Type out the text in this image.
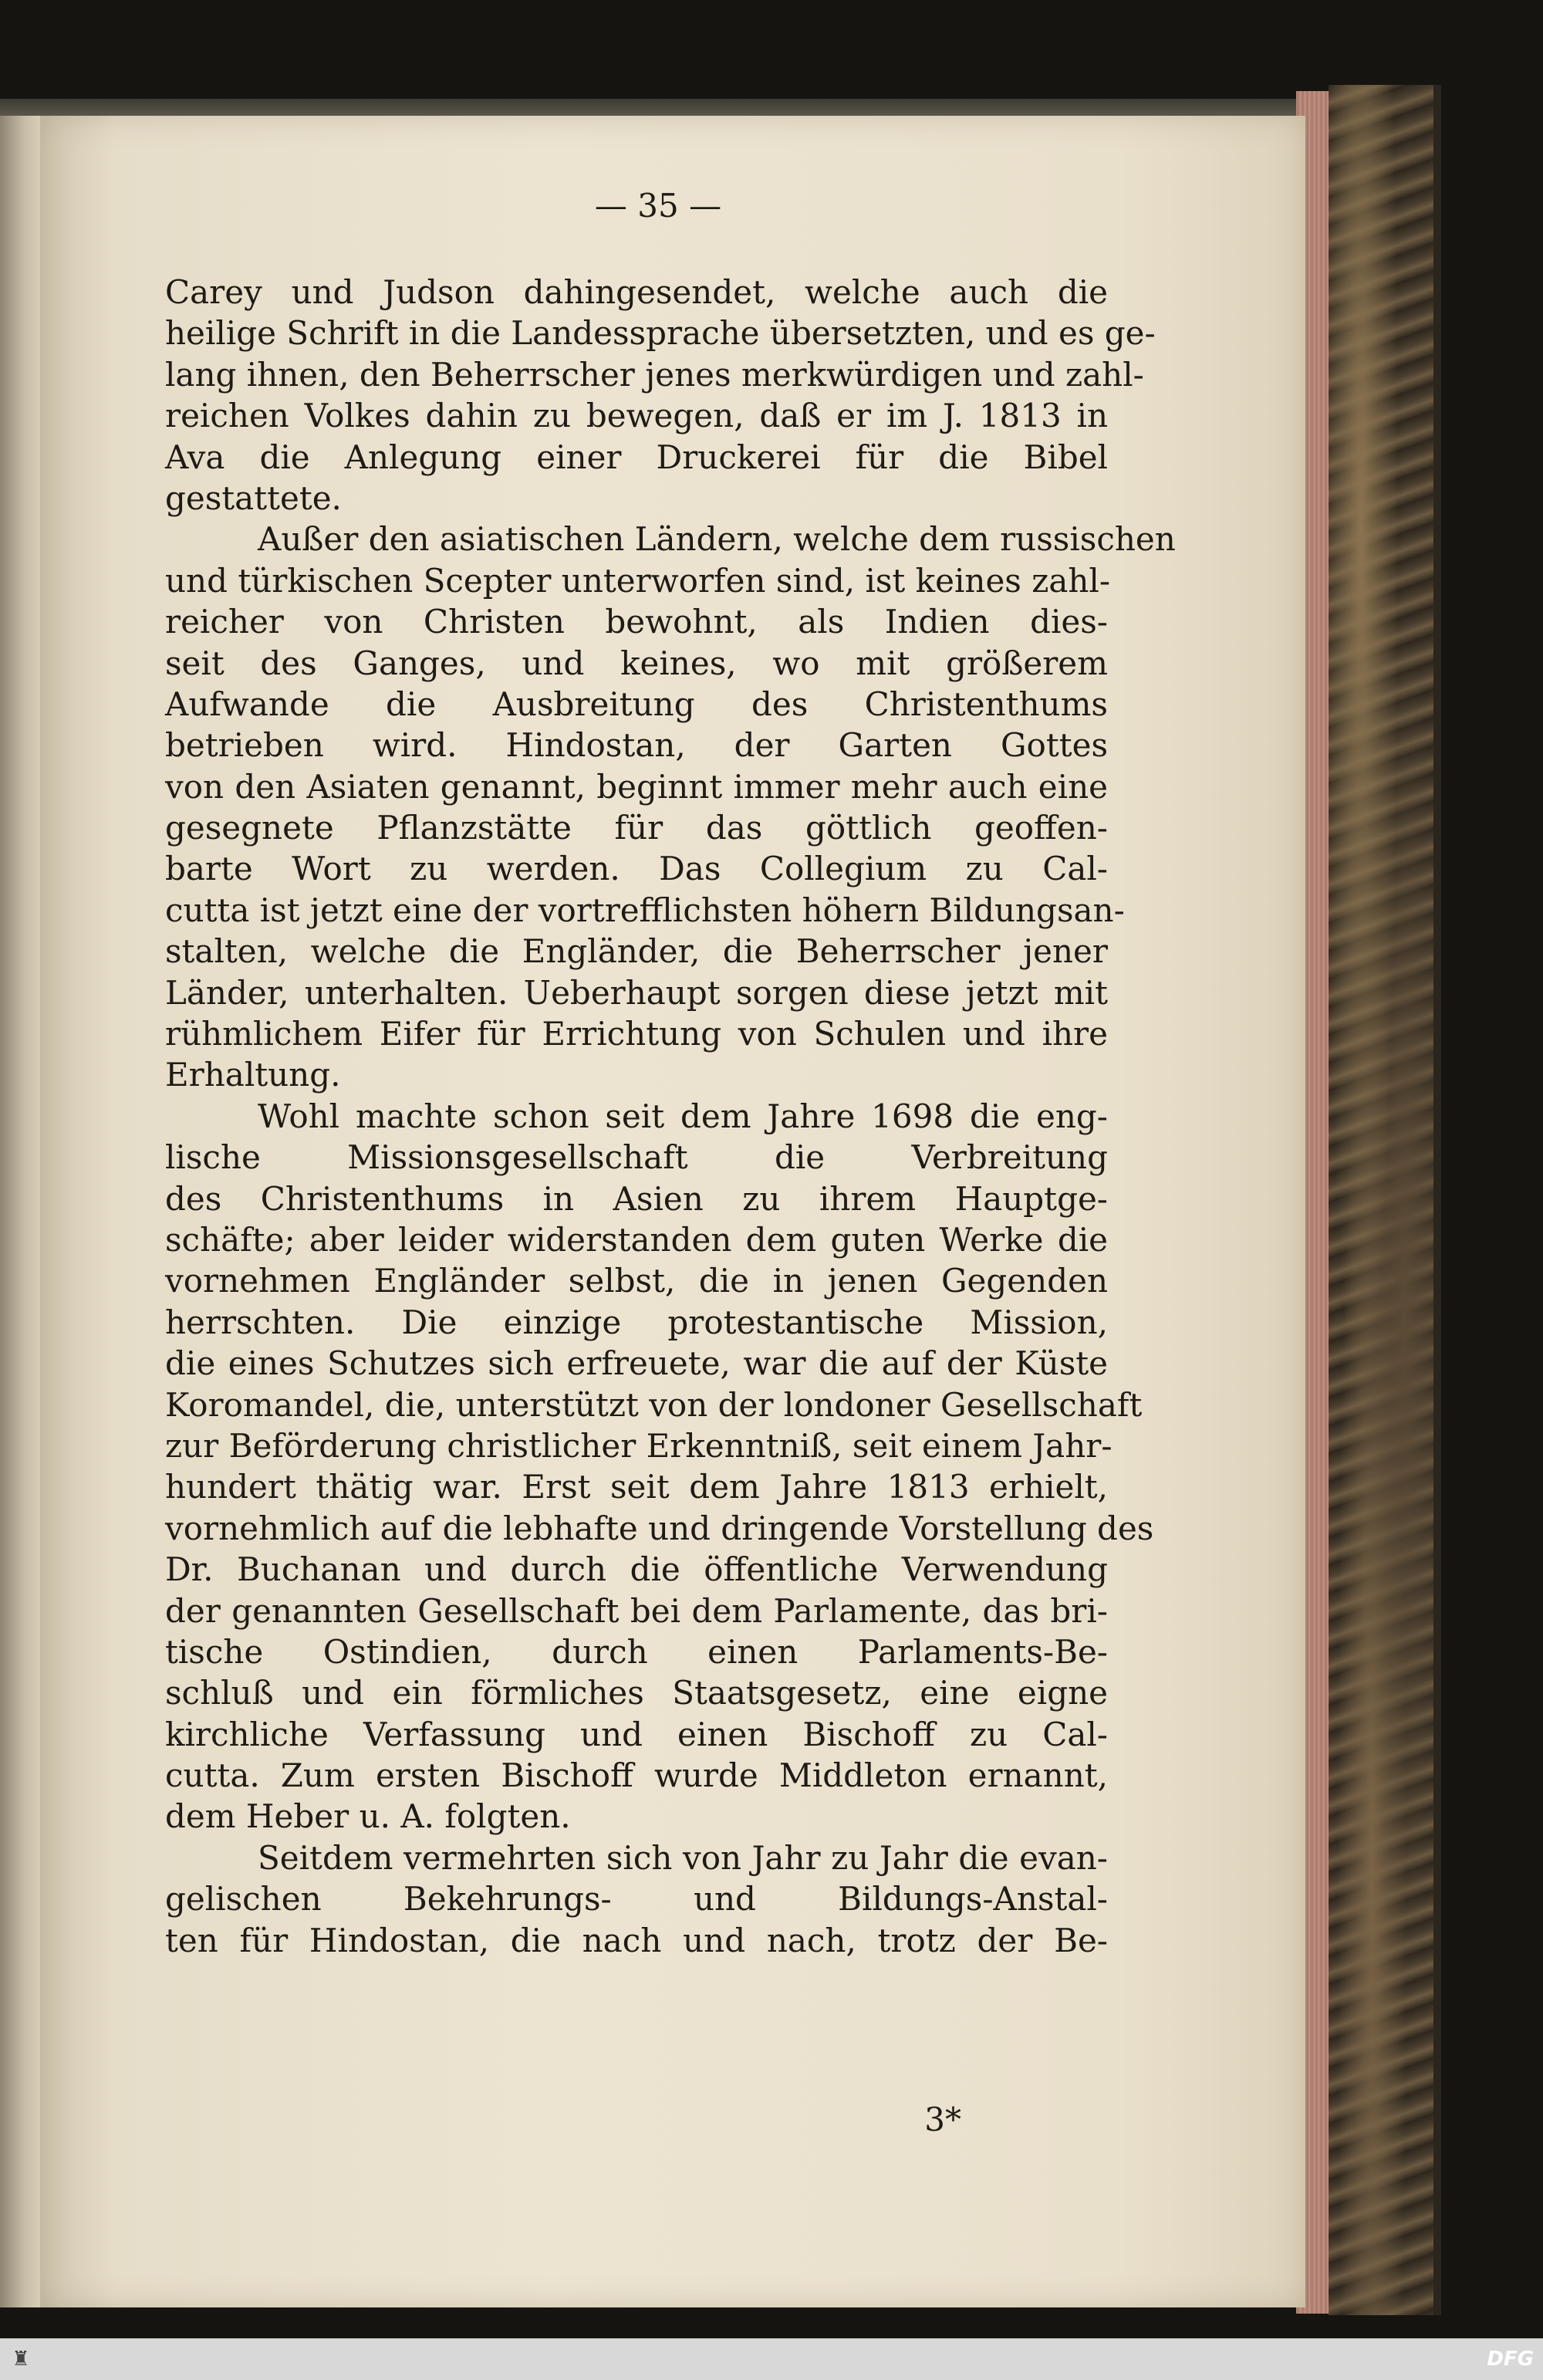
— 35 —
Carey und Judson dahingesendet, welche auch die
heilige Schrift in die Landessprache übersetzten, und es ge-
lang ihnen, den Beherrscher jenes merkwürdigen und zahl-
reichen Volkes dahin zu bewegen, daß er im J. 1813 in
Ava die Anlegung einer Druckerei für die Bibel
gestattete.
Außer den asiatischen Ländern, welche dem russischen
und türkischen Scepter unterworfen sind, ist keines zahl-
reicher von Christen bewohnt, als Indien dies-
seit des Ganges, und keines, wo mit größerem
Aufwande die Ausbreitung des Christenthums
betrieben wird. Hindostan, der Garten Gottes
von den Asiaten genannt, beginnt immer mehr auch eine
gesegnete Pflanzstätte für das göttlich geoffen-
barte Wort zu werden. Das Collegium zu Cal-
cutta ist jetzt eine der vortrefflichsten höhern Bildungsan-
stalten, welche die Engländer, die Beherrscher jener
Länder, unterhalten. Ueberhaupt sorgen diese jetzt mit
rühmlichem Eifer für Errichtung von Schulen und ihre
Erhaltung.
Wohl machte schon seit dem Jahre 1698 die eng-
lische Missionsgesellschaft die Verbreitung
des Christenthums in Asien zu ihrem Hauptge-
schäfte; aber leider widerstanden dem guten Werke die
vornehmen Engländer selbst, die in jenen Gegenden
herrschten. Die einzige protestantische Mission,
die eines Schutzes sich erfreuete, war die auf der Küste
Koromandel, die, unterstützt von der londoner Gesellschaft
zur Beförderung christlicher Erkenntniß, seit einem Jahr-
hundert thätig war. Erst seit dem Jahre 1813 erhielt,
vornehmlich auf die lebhafte und dringende Vorstellung des
Dr. Buchanan und durch die öffentliche Verwendung
der genannten Gesellschaft bei dem Parlamente, das bri-
tische Ostindien, durch einen Parlaments-Be-
schluß und ein förmliches Staatsgesetz, eine eigne
kirchliche Verfassung und einen Bischoff zu Cal-
cutta. Zum ersten Bischoff wurde Middleton ernannt,
dem Heber u. A. folgten.
Seitdem vermehrten sich von Jahr zu Jahr die evan-
gelischen Bekehrungs- und Bildungs-Anstal-
ten für Hindostan, die nach und nach, trotz der Be-
3*
♜	DFG
